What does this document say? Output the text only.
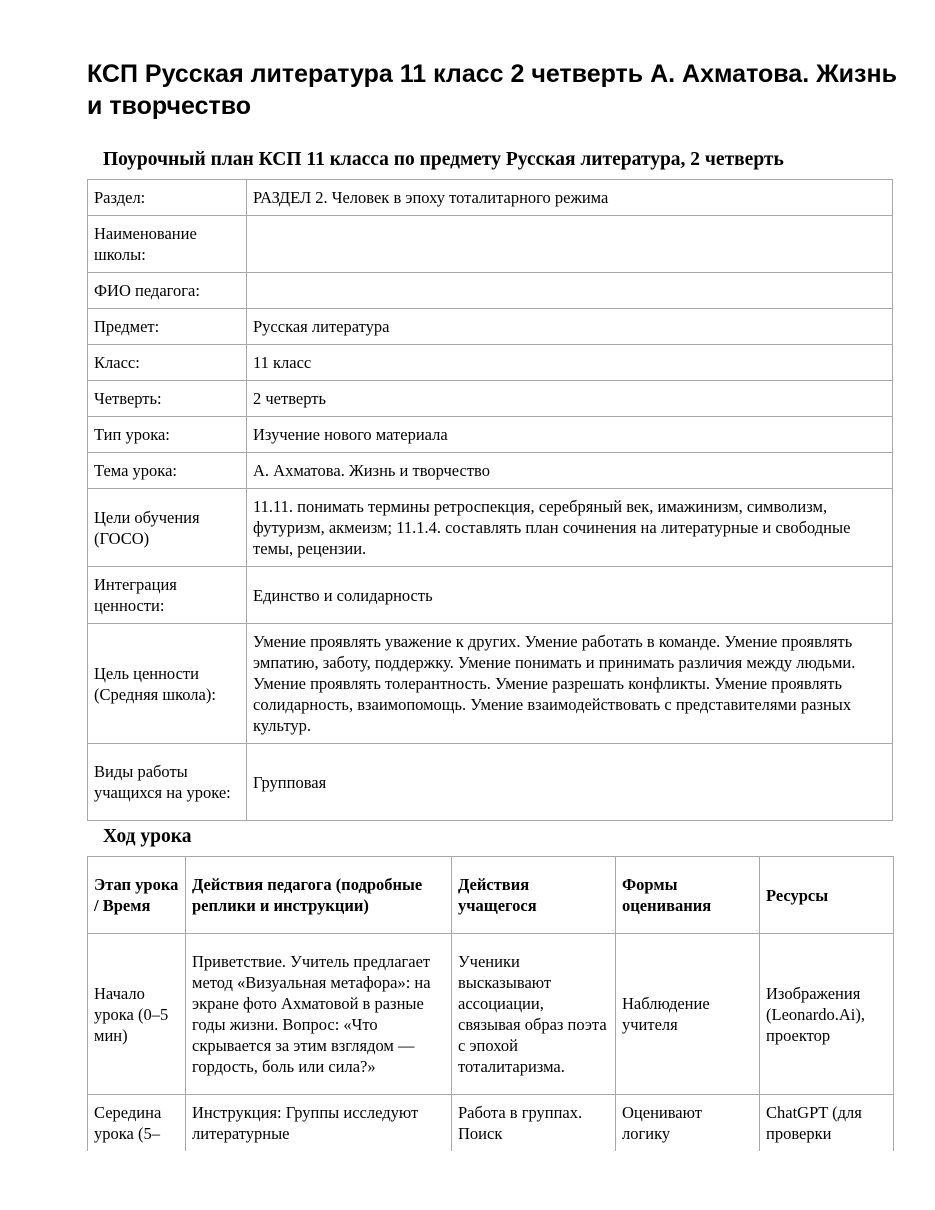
КСП Русская литература 11 класс 2 четверть А. Ахматова. Жизнь и творчество
Поурочный план КСП 11 класса по предмету Русская литература, 2 четверть
Раздел:	РАЗДЕЛ 2. Человек в эпоху тоталитарного режима
Наименование школы:	
ФИО педагога:	
Предмет:	Русская литература
Класс:	11 класс
Четверть:	2 четверть
Тип урока:	Изучение нового материала
Тема урока:	А. Ахматова. Жизнь и творчество
Цели обучения (ГОСО)	11.11. понимать термины ретроспекция, серебряный век, имажинизм, символизм, футуризм, акмеизм; 11.1.4. составлять план сочинения на литературные и свободные темы, рецензии.
Интеграция ценности:	Единство и солидарность
Цель ценности (Средняя школа):	Умение проявлять уважение к других. Умение работать в команде. Умение проявлять эмпатию, заботу, поддержку. Умение понимать и принимать различия между людьми. Умение проявлять толерантность. Умение разрешать конфликты. Умение проявлять солидарность, взаимопомощь. Умение взаимодействовать с представителями разных культур.
Виды работы учащихся на уроке:	Групповая
Ход урока
Этап урока / Время	Действия педагога (подробные реплики и инструкции)	Действия учащегося	Формы оценивания	Ресурсы
Начало урока (0–5 мин)	Приветствие. Учитель предлагает метод «Визуальная метафора»: на экране фото Ахматовой в разные годы жизни. Вопрос: «Что скрывается за этим взглядом — гордость, боль или сила?»	Ученики высказывают ассоциации, связывая образ поэта с эпохой тоталитаризма.	Наблюдение учителя	Изображения (Leonardo.Ai), проектор
Середина урока (5–	Инструкция: Группы исследуют литературные	Работа в группах. Поиск	Оценивают логику	ChatGPT (для проверки
